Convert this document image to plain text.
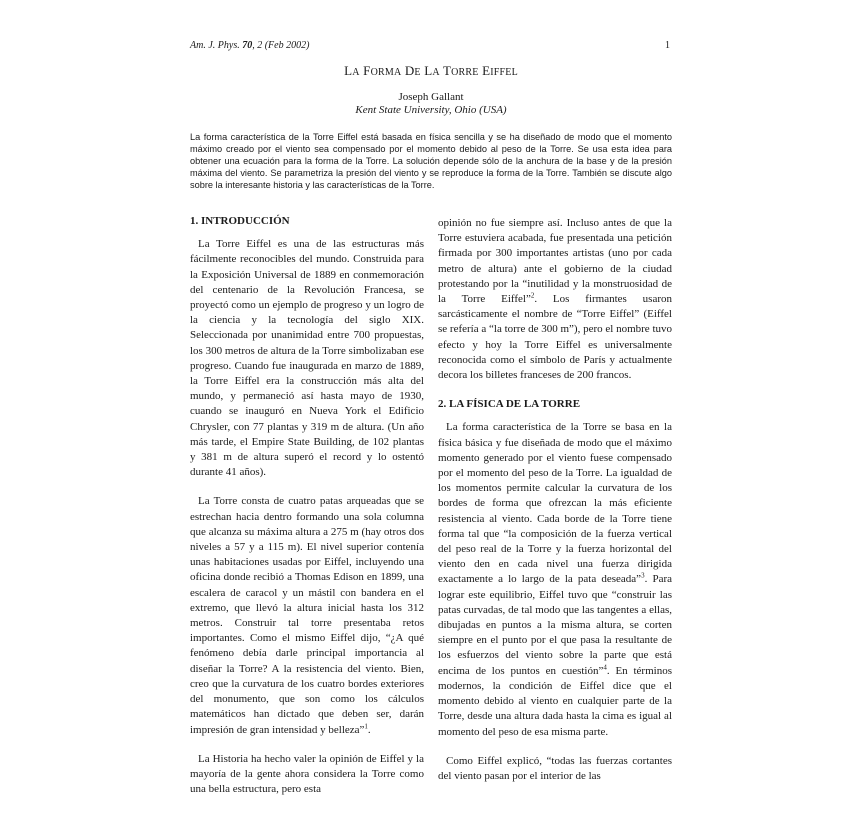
Am. J. Phys. 70, 2 (Feb 2002)	1
LA FORMA DE LA TORRE EIFFEL
Joseph Gallant
Kent State University, Ohio (USA)
La forma característica de la Torre Eiffel está basada en física sencilla y se ha diseñado de modo que el momento máximo creado por el viento sea compensado por el momento debido al peso de la Torre. Se usa esta idea para obtener una ecuación para la forma de la Torre. La solución depende sólo de la anchura de la base y de la presión máxima del viento. Se parametriza la presión del viento y se reproduce la forma de la Torre. También se discute algo sobre la interesante historia y las características de la Torre.
1. INTRODUCCIÓN

La Torre Eiffel es una de las estructuras más fácilmente reconocibles del mundo. Construida para la Exposición Universal de 1889 en conmemoración del centenario de la Revolución Francesa, se proyectó como un ejemplo de progreso y un logro de la ciencia y la tecnología del siglo XIX. Seleccionada por unanimidad entre 700 propuestas, los 300 metros de altura de la Torre simbolizaban ese progreso. Cuando fue inaugurada en marzo de 1889, la Torre Eiffel era la construcción más alta del mundo, y permaneció así hasta mayo de 1930, cuando se inauguró en Nueva York el Edificio Chrysler, con 77 plantas y 319 m de altura. (Un año más tarde, el Empire State Building, de 102 plantas y 381 m de altura superó el record y lo ostentó durante 41 años).

La Torre consta de cuatro patas arqueadas que se estrechan hacia dentro formando una sola columna que alcanza su máxima altura a 275 m (hay otros dos niveles a 57 y a 115 m). El nivel superior contenía unas habitaciones usadas por Eiffel, incluyendo una oficina donde recibió a Thomas Edison en 1899, una escalera de caracol y un mástil con bandera en el extremo, que llevó la altura inicial hasta los 312 metros. Construir tal torre presentaba retos importantes. Como el mismo Eiffel dijo, “¿A qué fenómeno debía darle principal importancia al diseñar la Torre? A la resistencia del viento. Bien, creo que la curvatura de los cuatro bordes exteriores del monumento, que son como los cálculos matemáticos han dictado que deben ser, darán impresión de gran intensidad y belleza”$^1$.

La Historia ha hecho valer la opinión de Eiffel y la mayoría de la gente ahora considera la Torre como una bella estructura, pero esta

opinión no fue siempre así. Incluso antes de que la Torre estuviera acabada, fue presentada una petición firmada por 300 importantes artistas (uno por cada metro de altura) ante el gobierno de la ciudad protestando por la “inutilidad y la monstruosidad de la Torre Eiffel”$^2$. Los firmantes usaron sarcásticamente el nombre de “Torre Eiffel” (Eiffel se refería a “la torre de 300 m”), pero el nombre tuvo efecto y hoy la Torre Eiffel es universalmente reconocida como el símbolo de París y actualmente decora los billetes franceses de 200 francos.

2. LA FÍSICA DE LA TORRE

La forma característica de la Torre se basa en la física básica y fue diseñada de modo que el máximo momento generado por el viento fuese compensado por el momento del peso de la Torre. La igualdad de los momentos permite calcular la curvatura de los bordes de forma que ofrezcan la más eficiente resistencia al viento. Cada borde de la Torre tiene forma tal que “la composición de la fuerza vertical del peso real de la Torre y la fuerza horizontal del viento den en cada nivel una fuerza dirigida exactamente a lo largo de la pata deseada”$^3$. Para lograr este equilibrio, Eiffel tuvo que “construir las patas curvadas, de tal modo que las tangentes a ellas, dibujadas en puntos a la misma altura, se corten siempre en el punto por el que pasa la resultante de los esfuerzos del viento sobre la parte que está encima de los puntos en cuestión”$^4$. En términos modernos, la condición de Eiffel dice que el momento debido al viento en cualquier parte de la Torre, desde una altura dada hasta la cima es igual al momento del peso de esa misma parte.

Como Eiffel explicó, “todas las fuerzas cortantes del viento pasan por el interior de las
